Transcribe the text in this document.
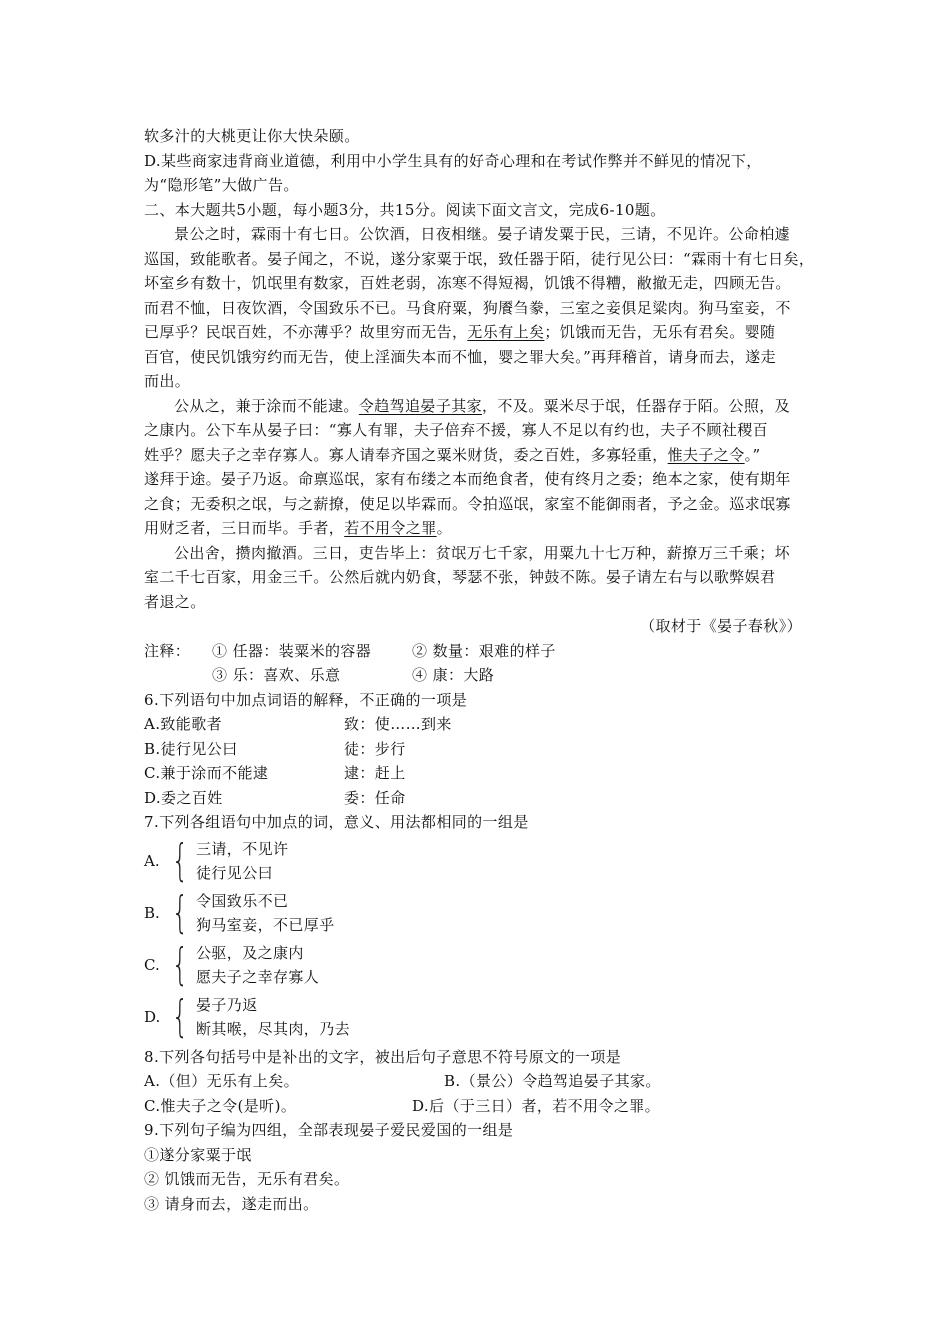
软多汁的大桃更让你大快朵颐。
D.某些商家违背商业道德，利用中小学生具有的好奇心理和在考试作弊并不鲜见的情况下，
为“隐形笔”大做广告。
二、本大题共5小题，每小题3分，共15分。阅读下面文言文，完成6-10题。
景公之时，霖雨十有七日。公饮酒，日夜相继。晏子请发粟于民，三请，不见许。公命柏遽
巡国，致能歌者。晏子闻之，不说，遂分家粟于氓，致任器于陌，徒行见公曰：“霖雨十有七日矣，
坏室乡有数十，饥氓里有数家，百姓老弱，冻寒不得短褐，饥饿不得糟，敝撤无走，四顾无告。
而君不恤，日夜饮酒，令国致乐不已。马食府粟，狗餍刍豢，三室之妾俱足粱肉。狗马室妾，不
已厚乎？民氓百姓，不亦薄乎？故里穷而无告，无乐有上矣；饥饿而无告，无乐有君矣。婴随
百官，使民饥饿穷约而无告，使上淫湎失本而不恤，婴之罪大矣。”再拜稽首，请身而去，遂走
而出。
公从之，兼于涂而不能逮。令趋驾追晏子其家，不及。粟米尽于氓，任器存于陌。公照，及
之康内。公下车从晏子曰：“寡人有罪，夫子倍弃不援，寡人不足以有约也，夫子不顾社稷百
姓乎？愿夫子之幸存寡人。寡人请奉齐国之粟米财货，委之百姓，多寡轻重，惟夫子之令。”
遂拜于途。晏子乃返。命禀巡氓，家有布缕之本而绝食者，使有终月之委；绝本之家，使有期年
之食；无委积之氓，与之薪撩，使足以毕霖而。令拍巡氓，家室不能御雨者，予之金。巡求氓寡
用财乏者，三日而毕。手者，若不用令之罪。
公出舍，攒肉撤酒。三日，吏告毕上：贫氓万七千家，用粟九十七万种，薪撩万三千乘；坏
室二千七百家，用金三千。公然后就内奶食，琴瑟不张，钟鼓不陈。晏子请左右与以歌弊娱君
者退之。
（取材于《晏子春秋》）
注释：	① 任器：装粟米的容器	② 数量：艰难的样子
③ 乐：喜欢、乐意	④ 康：大路
6.下列语句中加点词语的解释，不正确的一项是
A.致能歌者	致：使……到来
B.徒行见公曰	徒：步行
C.兼于涂而不能逮	逮：赶上
D.委之百姓	委：任命
7.下列各组语句中加点的词，意义、用法都相同的一组是
A. { 三请，不见许
徒行见公曰
B. { 令国致乐不已
狗马室妾，不已厚乎
C. { 公驱，及之康内
愿夫子之幸存寡人
D. { 晏子乃返
断其喉，尽其肉，乃去
8.下列各句括号中是补出的文字，被出后句子意思不符号原文的一项是
A.（但）无乐有上矣。	B.（景公）令趋驾追晏子其家。
C.惟夫子之令(是听)。	D.后（于三日）者，若不用令之罪。
9.下列句子编为四组，全部表现晏子爱民爱国的一组是
①遂分家粟于氓
② 饥饿而无告，无乐有君矣。
③ 请身而去，遂走而出。
